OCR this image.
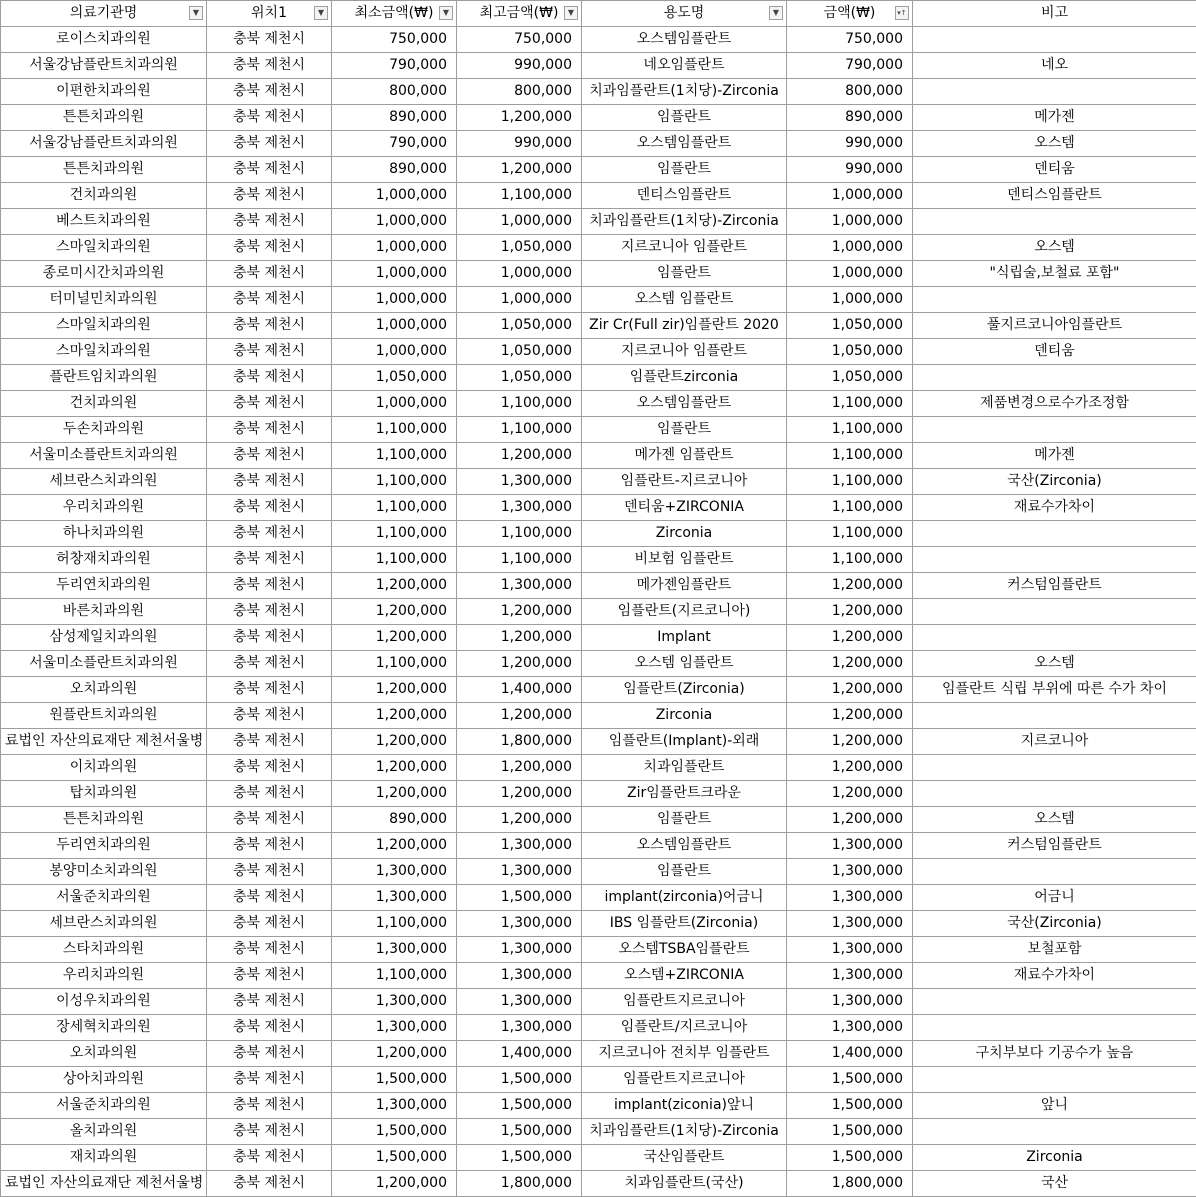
의료기관명 ▼	위치1 ▼	최소금액(₩) ▼	최고금액(₩) ▼	용도명 ▼	금액(₩) ▾↑	비고
로이스치과의원	충북 제천시	750,000	750,000	오스템임플란트	750,000	
서울강남플란트치과의원	충북 제천시	790,000	990,000	네오임플란트	790,000	네오
이편한치과의원	충북 제천시	800,000	800,000	치과임플란트(1치당)-Zirconia	800,000	
튼튼치과의원	충북 제천시	890,000	1,200,000	임플란트	890,000	메가젠
서울강남플란트치과의원	충북 제천시	790,000	990,000	오스템임플란트	990,000	오스템
튼튼치과의원	충북 제천시	890,000	1,200,000	임플란트	990,000	덴티움
건치과의원	충북 제천시	1,000,000	1,100,000	덴티스임플란트	1,000,000	덴티스임플란트
베스트치과의원	충북 제천시	1,000,000	1,000,000	치과임플란트(1치당)-Zirconia	1,000,000	
스마일치과의원	충북 제천시	1,000,000	1,050,000	지르코니아 임플란트	1,000,000	오스템
종로미시간치과의원	충북 제천시	1,000,000	1,000,000	임플란트	1,000,000	"식립술,보철료 포함"
터미널민치과의원	충북 제천시	1,000,000	1,000,000	오스템 임플란트	1,000,000	
스마일치과의원	충북 제천시	1,000,000	1,050,000	Zir Cr(Full zir)임플란트 2020	1,050,000	풀지르코니아임플란트
스마일치과의원	충북 제천시	1,000,000	1,050,000	지르코니아 임플란트	1,050,000	덴티움
플란트임치과의원	충북 제천시	1,050,000	1,050,000	임플란트zirconia	1,050,000	
건치과의원	충북 제천시	1,000,000	1,100,000	오스템임플란트	1,100,000	제품변경으로수가조정함
두손치과의원	충북 제천시	1,100,000	1,100,000	임플란트	1,100,000	
서울미소플란트치과의원	충북 제천시	1,100,000	1,200,000	메가젠 임플란트	1,100,000	메가젠
세브란스치과의원	충북 제천시	1,100,000	1,300,000	임플란트-지르코니아	1,100,000	국산(Zirconia)
우리치과의원	충북 제천시	1,100,000	1,300,000	덴티움+ZIRCONIA	1,100,000	재료수가차이
하나치과의원	충북 제천시	1,100,000	1,100,000	Zirconia	1,100,000	
허창재치과의원	충북 제천시	1,100,000	1,100,000	비보험 임플란트	1,100,000	
두리연치과의원	충북 제천시	1,200,000	1,300,000	메가젠임플란트	1,200,000	커스텀임플란트
바른치과의원	충북 제천시	1,200,000	1,200,000	임플란트(지르코니아)	1,200,000	
삼성제일치과의원	충북 제천시	1,200,000	1,200,000	Implant	1,200,000	
서울미소플란트치과의원	충북 제천시	1,100,000	1,200,000	오스템 임플란트	1,200,000	오스템
오치과의원	충북 제천시	1,200,000	1,400,000	임플란트(Zirconia)	1,200,000	임플란트 식립 부위에 따른 수가 차이
원플란트치과의원	충북 제천시	1,200,000	1,200,000	Zirconia	1,200,000	
료법인 자산의료재단 제천서울병	충북 제천시	1,200,000	1,800,000	임플란트(Implant)-외래	1,200,000	지르코니아
이치과의원	충북 제천시	1,200,000	1,200,000	치과임플란트	1,200,000	
탑치과의원	충북 제천시	1,200,000	1,200,000	Zir임플란트크라운	1,200,000	
튼튼치과의원	충북 제천시	890,000	1,200,000	임플란트	1,200,000	오스템
두리연치과의원	충북 제천시	1,200,000	1,300,000	오스템임플란트	1,300,000	커스텀임플란트
봉양미소치과의원	충북 제천시	1,300,000	1,300,000	임플란트	1,300,000	
서울준치과의원	충북 제천시	1,300,000	1,500,000	implant(zirconia)어금니	1,300,000	어금니
세브란스치과의원	충북 제천시	1,100,000	1,300,000	IBS 임플란트(Zirconia)	1,300,000	국산(Zirconia)
스타치과의원	충북 제천시	1,300,000	1,300,000	오스템TSBA임플란트	1,300,000	보철포함
우리치과의원	충북 제천시	1,100,000	1,300,000	오스템+ZIRCONIA	1,300,000	재료수가차이
이성우치과의원	충북 제천시	1,300,000	1,300,000	임플란트지르코니아	1,300,000	
장세혁치과의원	충북 제천시	1,300,000	1,300,000	임플란트/지르코니아	1,300,000	
오치과의원	충북 제천시	1,200,000	1,400,000	지르코니아 전치부 임플란트	1,400,000	구치부보다 기공수가 높음
상아치과의원	충북 제천시	1,500,000	1,500,000	임플란트지르코니아	1,500,000	
서울준치과의원	충북 제천시	1,300,000	1,500,000	implant(ziconia)앞니	1,500,000	앞니
올치과의원	충북 제천시	1,500,000	1,500,000	치과임플란트(1치당)-Zirconia	1,500,000	
재치과의원	충북 제천시	1,500,000	1,500,000	국산임플란트	1,500,000	Zirconia
료법인 자산의료재단 제천서울병	충북 제천시	1,200,000	1,800,000	치과임플란트(국산)	1,800,000	국산
